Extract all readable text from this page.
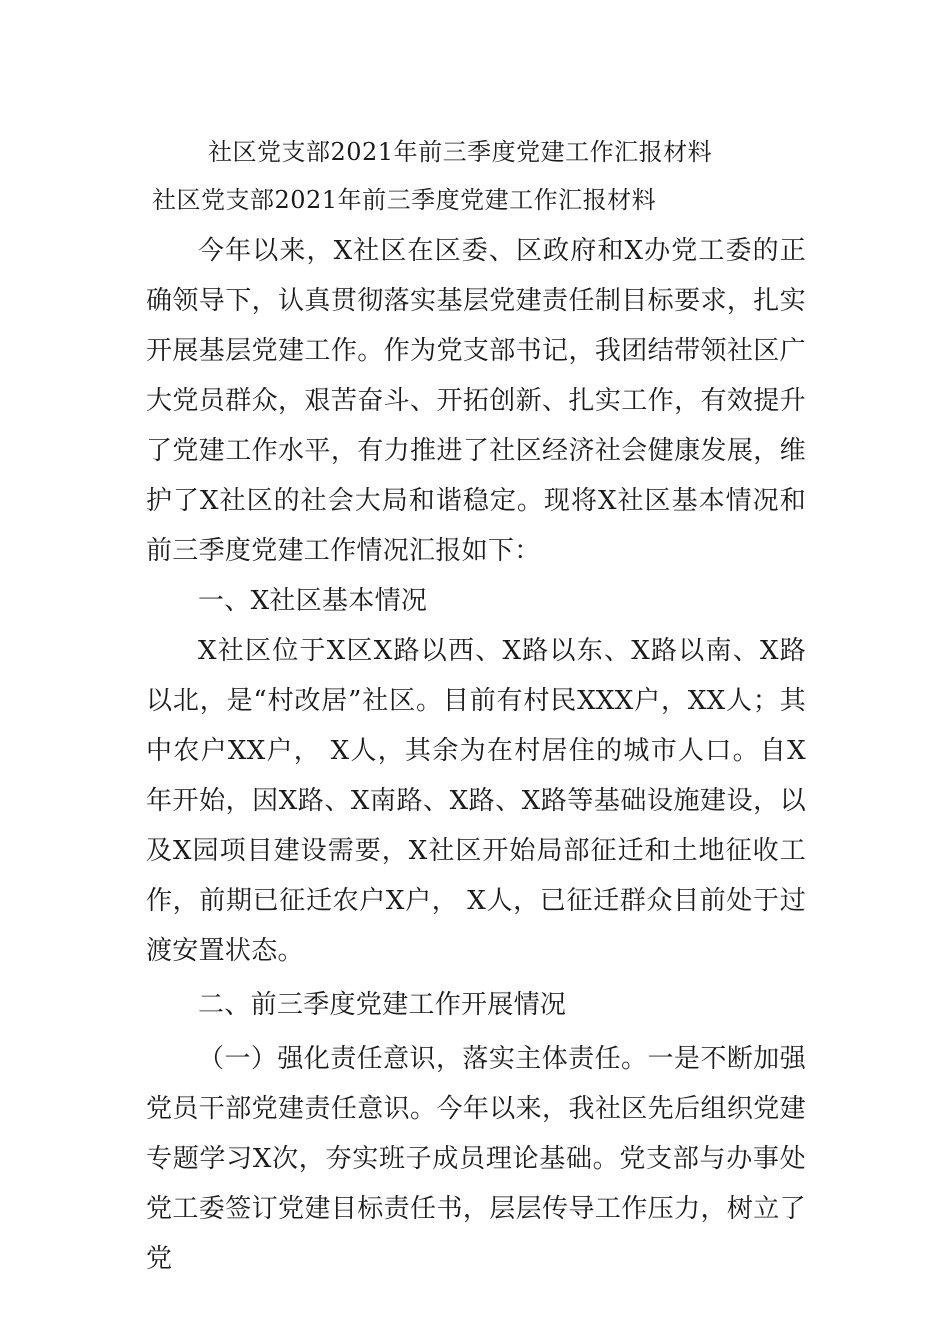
社区党支部2021年前三季度党建工作汇报材料
社区党支部2021年前三季度党建工作汇报材料

今年以来，X社区在区委、区政府和X办党工委的正确领导下，认真贯彻落实基层党建责任制目标要求，扎实开展基层党建工作。作为党支部书记，我团结带领社区广大党员群众，艰苦奋斗、开拓创新、扎实工作，有效提升了党建工作水平，有力推进了社区经济社会健康发展，维护了X社区的社会大局和谐稳定。现将X社区基本情况和前三季度党建工作情况汇报如下：

一、X社区基本情况

X社区位于X区X路以西、X路以东、X路以南、X路以北，是“村改居”社区。目前有村民XXX户，XX人；其中农户XX户， X人，其余为在村居住的城市人口。自X年开始，因X路、X南路、X路、X路等基础设施建设，以及X园项目建设需要，X社区开始局部征迁和土地征收工作，前期已征迁农户X户， X人，已征迁群众目前处于过渡安置状态。

二、前三季度党建工作开展情况

（一）强化责任意识，落实主体责任。一是不断加强党员干部党建责任意识。今年以来，我社区先后组织党建专题学习X次，夯实班子成员理论基础。党支部与办事处党工委签订党建目标责任书，层层传导工作压力，树立了党
